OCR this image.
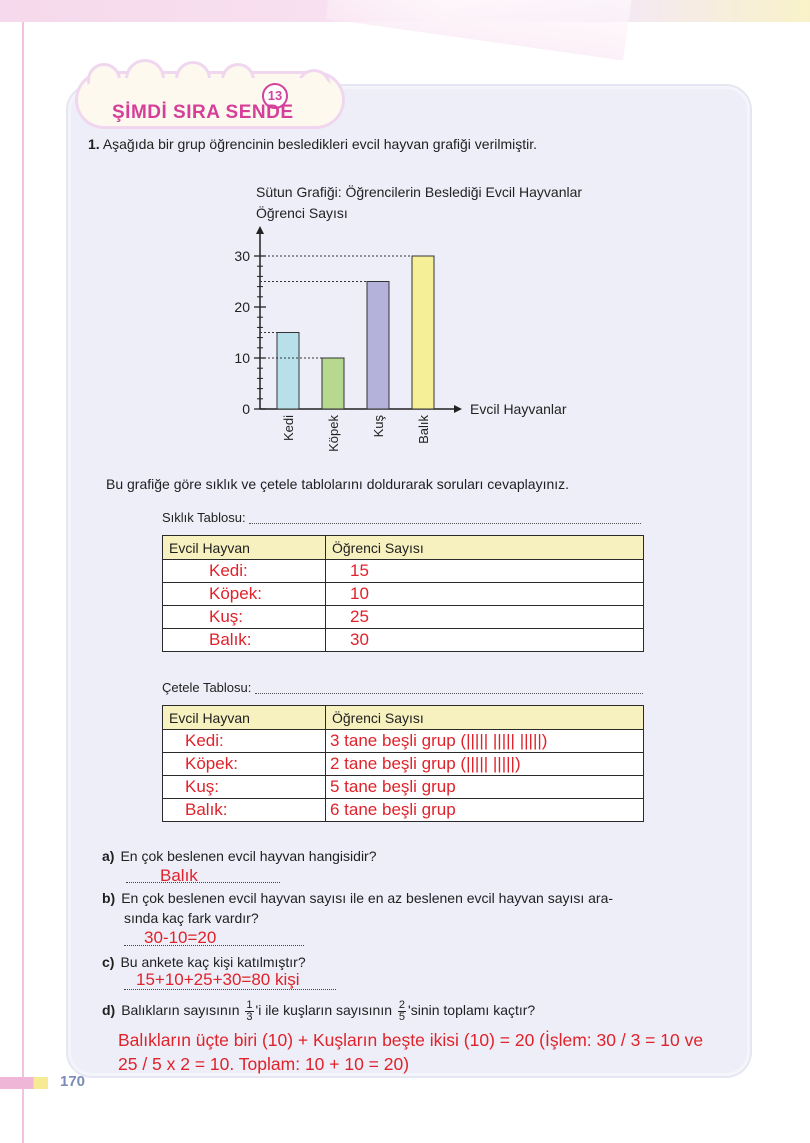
13
ŞİMDİ SIRA SENDE
1. Aşağıda bir grup öğrencinin besledikleri evcil hayvan grafiği verilmiştir.
Sütun Grafiği: Öğrencilerin Beslediği Evcil Hayvanlar
Öğrenci Sayısı
Evcil Hayvanlar
0
10
20
30
Kedi Köpek Kuş Balık
Bu grafiğe göre sıklık ve çetele tablolarını doldurarak soruları cevaplayınız.
Sıklık Tablosu:
Evcil Hayvan	Öğrenci Sayısı
Kedi:	15
Köpek:	10
Kuş:	25
Balık:	30
Çetele Tablosu:
Evcil Hayvan	Öğrenci Sayısı
Kedi:	3 tane beşli grup (||||| ||||| |||||)
Köpek:	2 tane beşli grup (||||| |||||)
Kuş:	5 tane beşli grup
Balık:	6 tane beşli grup
a) En çok beslenen evcil hayvan hangisidir?
Balık
b) En çok beslenen evcil hayvan sayısı ile en az beslenen evcil hayvan sayısı ara-
sında kaç fark vardır?
30-10=20
c) Bu ankete kaç kişi katılmıştır?
15+10+25+30=80 kişi
d) Balıkların sayısının $\frac{1}{3}$ 'i ile kuşların sayısının $\frac{2}{5}$ 'sinin toplamı kaçtır?
Balıkların üçte biri (10) + Kuşların beşte ikisi (10) = 20 (İşlem: 30 / 3 = 10 ve 25 / 5 x 2 = 10. Toplam: 10 + 10 = 20)
170
